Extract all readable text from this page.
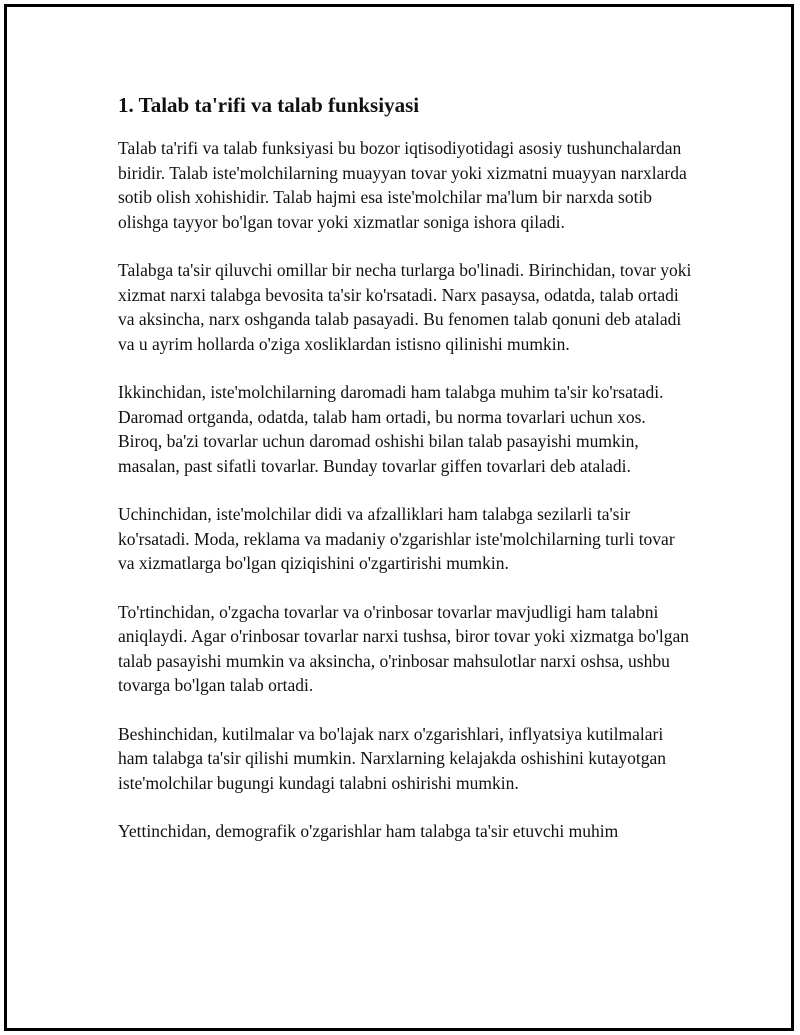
1. Talab ta'rifi va talab funksiyasi

Talab ta'rifi va talab funksiyasi bu bozor iqtisodiyotidagi asosiy tushunchalardan biridir. Talab iste'molchilarning muayyan tovar yoki xizmatni muayyan narxlarda sotib olish xohishidir. Talab hajmi esa iste'molchilar ma'lum bir narxda sotib olishga tayyor bo'lgan tovar yoki xizmatlar soniga ishora qiladi.

Talabga ta'sir qiluvchi omillar bir necha turlarga bo'linadi. Birinchidan, tovar yoki xizmat narxi talabga bevosita ta'sir ko'rsatadi. Narx pasaysa, odatda, talab ortadi va aksincha, narx oshganda talab pasayadi. Bu fenomen talab qonuni deb ataladi va u ayrim hollarda o'ziga xosliklardan istisno qilinishi mumkin.

Ikkinchidan, iste'molchilarning daromadi ham talabga muhim ta'sir ko'rsatadi. Daromad ortganda, odatda, talab ham ortadi, bu norma tovarlari uchun xos. Biroq, ba'zi tovarlar uchun daromad oshishi bilan talab pasayishi mumkin, masalan, past sifatli tovarlar. Bunday tovarlar giffen tovarlari deb ataladi.

Uchinchidan, iste'molchilar didi va afzalliklari ham talabga sezilarli ta'sir ko'rsatadi. Moda, reklama va madaniy o'zgarishlar iste'molchilarning turli tovar va xizmatlarga bo'lgan qiziqishini o'zgartirishi mumkin.

To'rtinchidan, o'zgacha tovarlar va o'rinbosar tovarlar mavjudligi ham talabni aniqlaydi. Agar o'rinbosar tovarlar narxi tushsa, biror tovar yoki xizmatga bo'lgan talab pasayishi mumkin va aksincha, o'rinbosar mahsulotlar narxi oshsa, ushbu tovarga bo'lgan talab ortadi.

Beshinchidan, kutilmalar va bo'lajak narx o'zgarishlari, inflyatsiya kutilmalari ham talabga ta'sir qilishi mumkin. Narxlarning kelajakda oshishini kutayotgan iste'molchilar bugungi kundagi talabni oshirishi mumkin.

Yettinchidan, demografik o'zgarishlar ham talabga ta'sir etuvchi muhim
